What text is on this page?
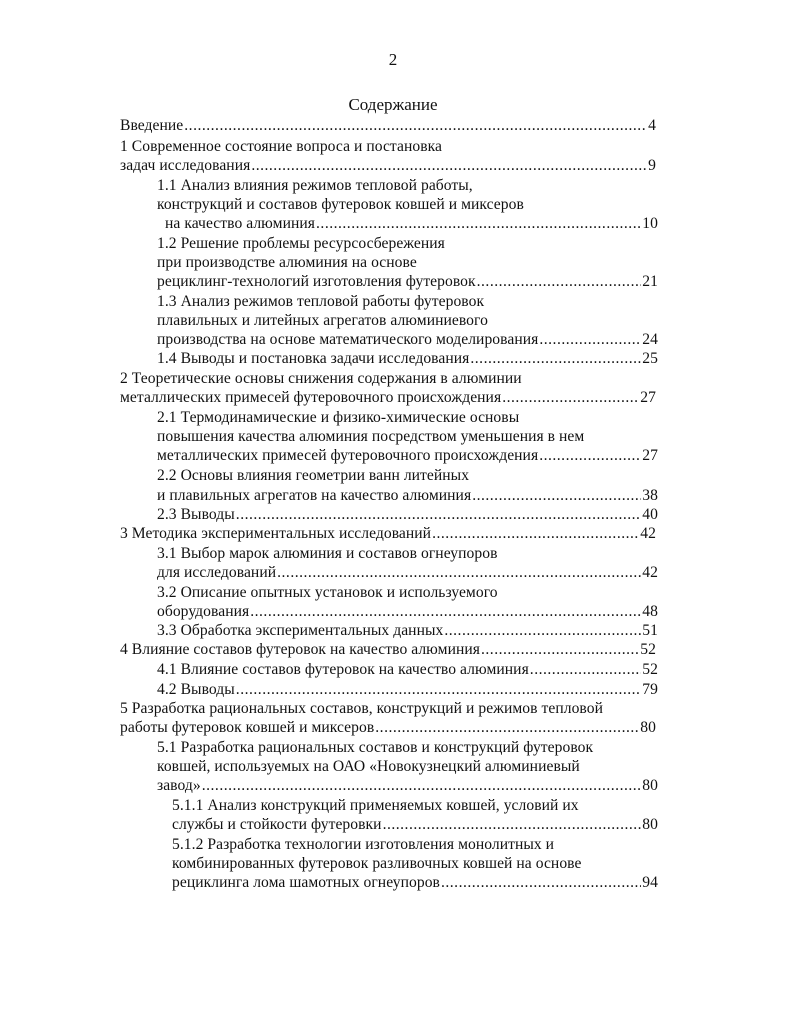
2
Содержание
Введение .....	4
1 Современное состояние вопроса и постановка
задач исследования .....	9
1.1 Анализ влияния режимов тепловой работы,
конструкций и составов футеровок ковшей и миксеров
на качество алюминия .....	10
1.2 Решение проблемы ресурсосбережения
при производстве алюминия на основе
рециклинг-технологий изготовления футеровок .....	21
1.3 Анализ режимов тепловой работы футеровок
плавильных и литейных агрегатов алюминиевого
производства на основе математического моделирования .....	24
1.4 Выводы и постановка задачи исследования .....	25
2 Теоретические основы снижения содержания в алюминии
металлических примесей футеровочного происхождения .....	27
2.1 Термодинамические и физико-химические основы
повышения качества алюминия посредством уменьшения в нем
металлических примесей футеровочного происхождения .....	27
2.2 Основы влияния геометрии ванн литейных
и плавильных агрегатов на качество алюминия .....	38
2.3 Выводы .....	40
3 Методика экспериментальных исследований .....	42
3.1 Выбор марок алюминия и составов огнеупоров
для исследований .....	42
3.2 Описание опытных установок и используемого
оборудования .....	48
3.3 Обработка экспериментальных данных .....	51
4 Влияние составов футеровок на качество алюминия .....	52
4.1 Влияние составов футеровок на качество алюминия .....	52
4.2 Выводы .....	79
5 Разработка рациональных составов, конструкций и режимов тепловой
работы футеровок ковшей и миксеров .....	80
5.1 Разработка рациональных составов и конструкций футеровок
ковшей, используемых на ОАО «Новокузнецкий алюминиевый
завод» .....	80
5.1.1 Анализ конструкций применяемых ковшей, условий их
службы и стойкости футеровки .....	80
5.1.2 Разработка технологии изготовления монолитных и
комбинированных футеровок разливочных ковшей на основе
рециклинга лома шамотных огнеупоров .....	94
